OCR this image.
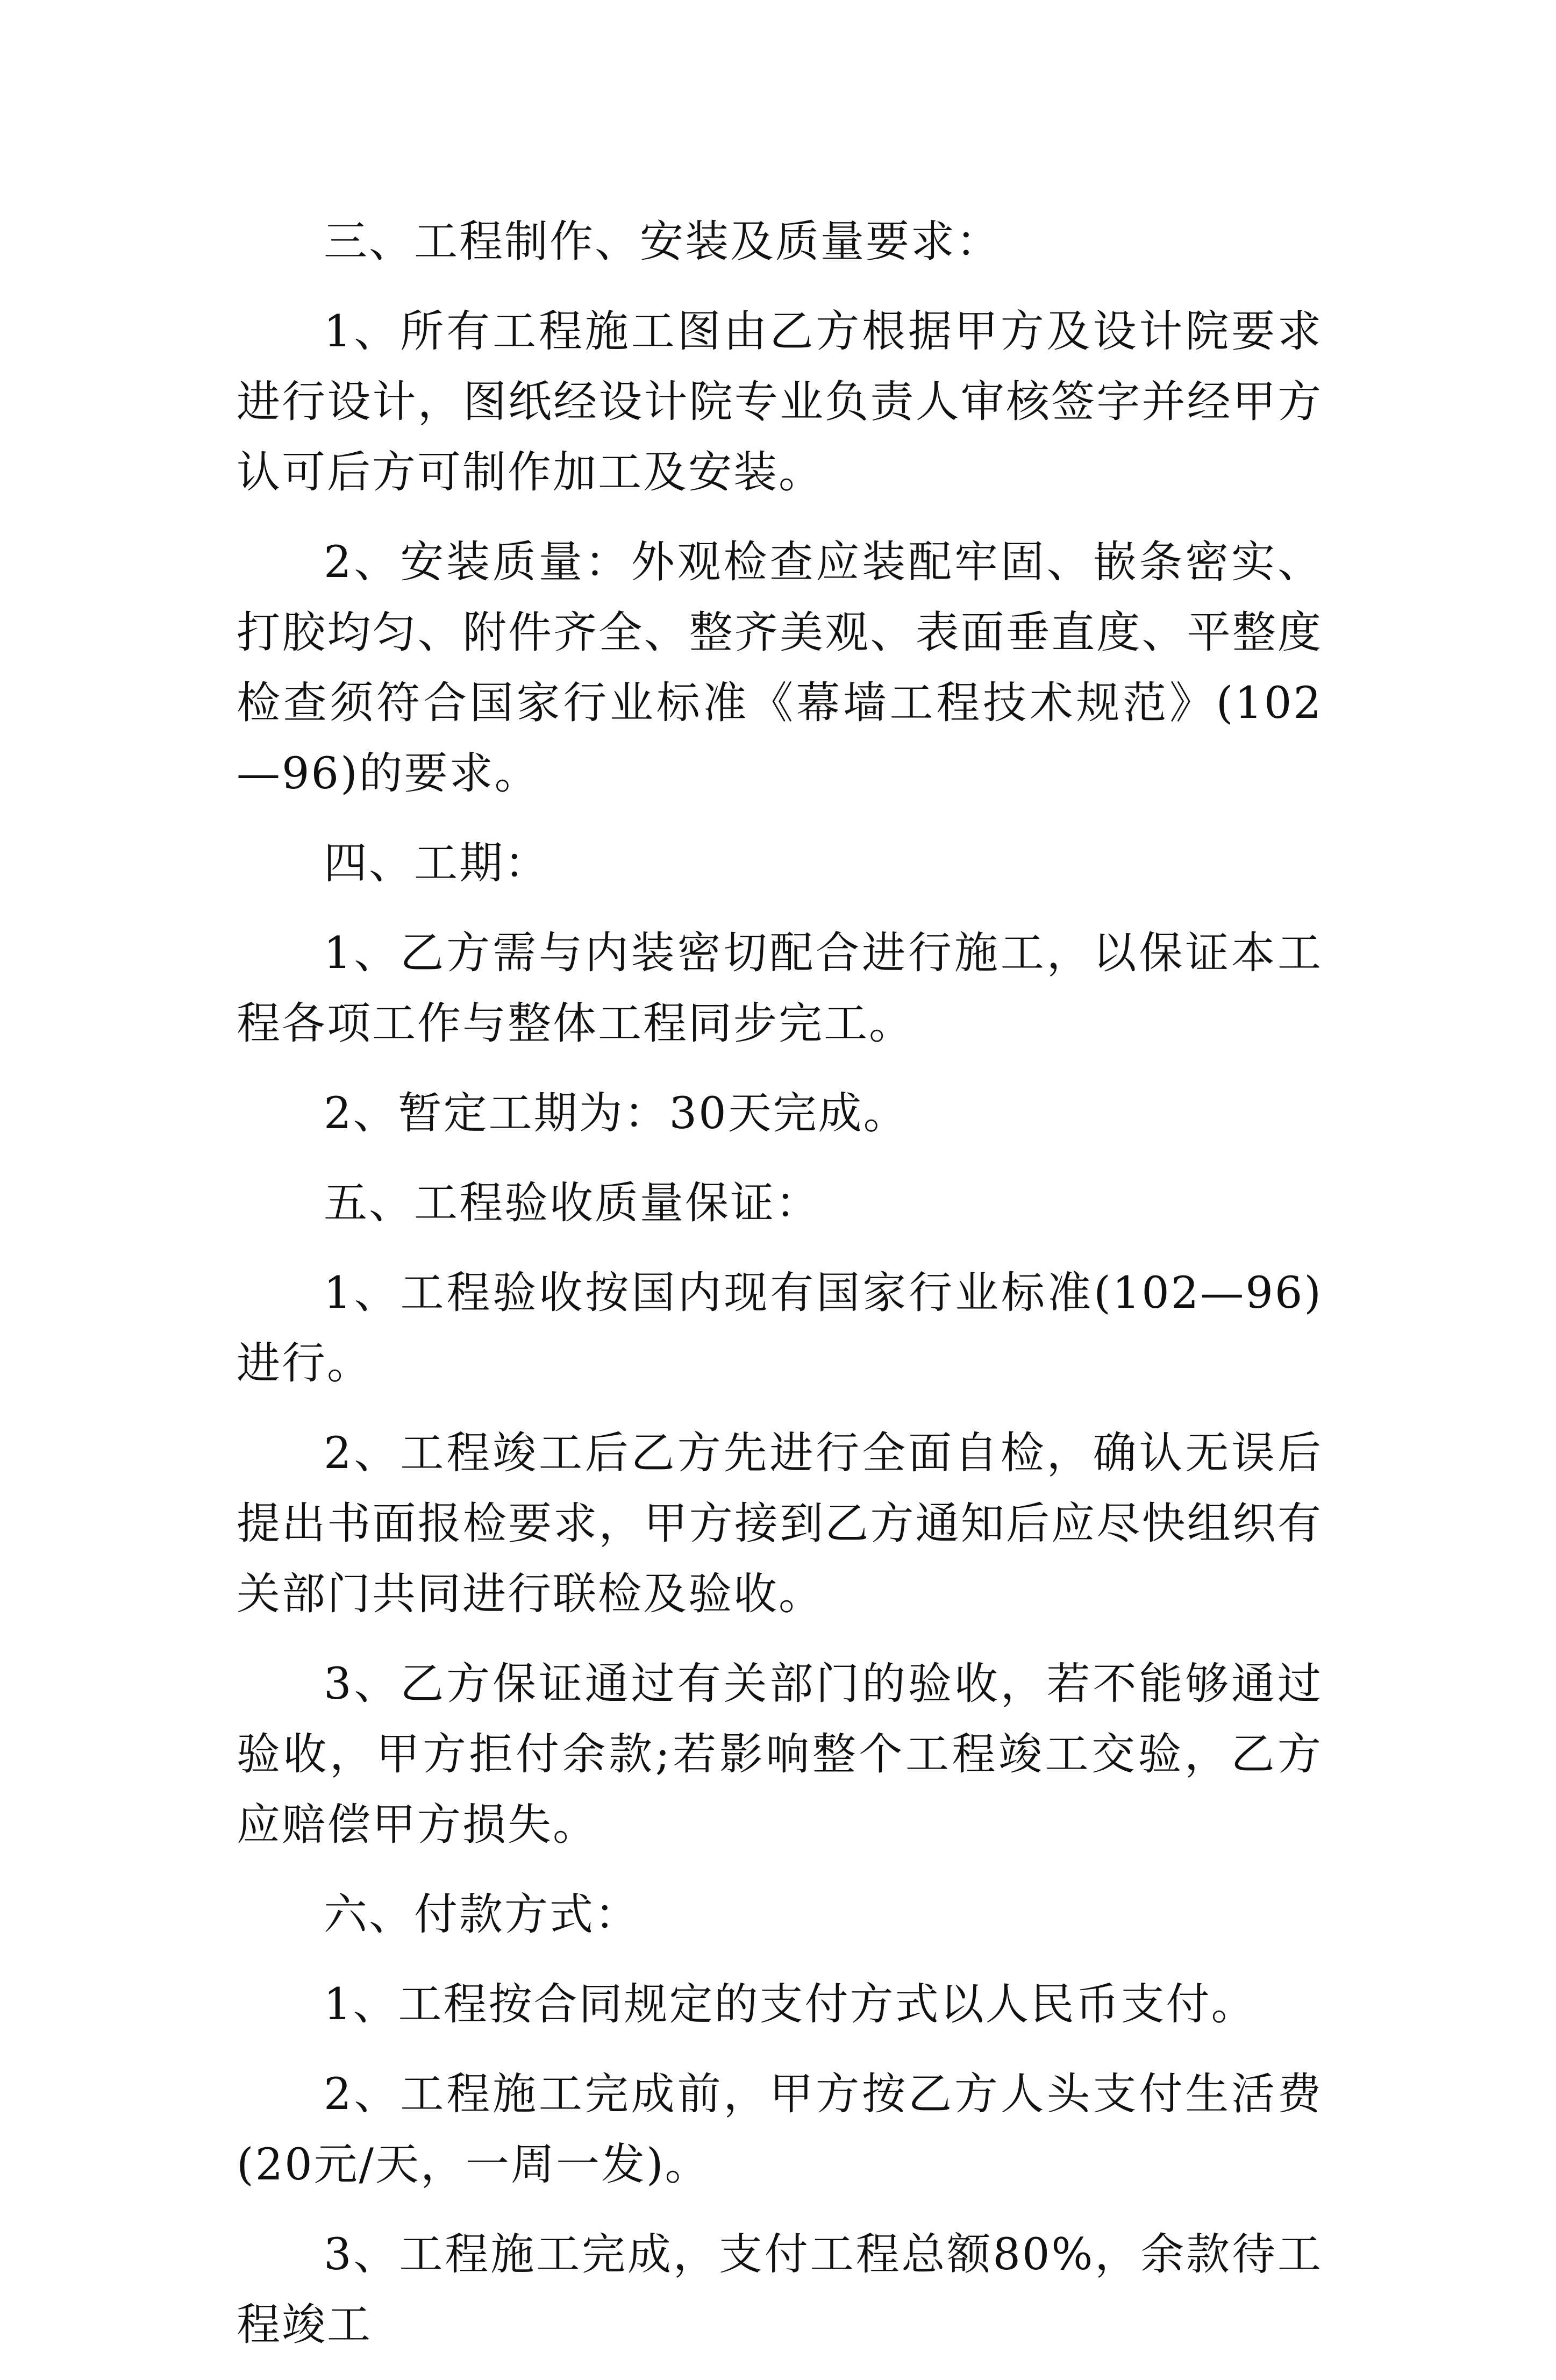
三、工程制作、安装及质量要求：

1、所有工程施工图由乙方根据甲方及设计院要求进行设计，图纸经设计院专业负责人审核签字并经甲方认可后方可制作加工及安装。

2、安装质量：外观检查应装配牢固、嵌条密实、打胶均匀、附件齐全、整齐美观、表面垂直度、平整度检查须符合国家行业标准《幕墙工程技术规范》(102—96)的要求。

四、工期：

1、乙方需与内装密切配合进行施工，以保证本工程各项工作与整体工程同步完工。

2、暂定工期为：30天完成。

五、工程验收质量保证：

1、工程验收按国内现有国家行业标准(102—96)进行。

2、工程竣工后乙方先进行全面自检，确认无误后提出书面报检要求，甲方接到乙方通知后应尽快组织有关部门共同进行联检及验收。

3、乙方保证通过有关部门的验收，若不能够通过验收，甲方拒付余款;若影响整个工程竣工交验，乙方应赔偿甲方损失。

六、付款方式：

1、工程按合同规定的支付方式以人民币支付。

2、工程施工完成前，甲方按乙方人头支付生活费(20元/天，一周一发)。

3、工程施工完成，支付工程总额80%，余款待工程竣工
